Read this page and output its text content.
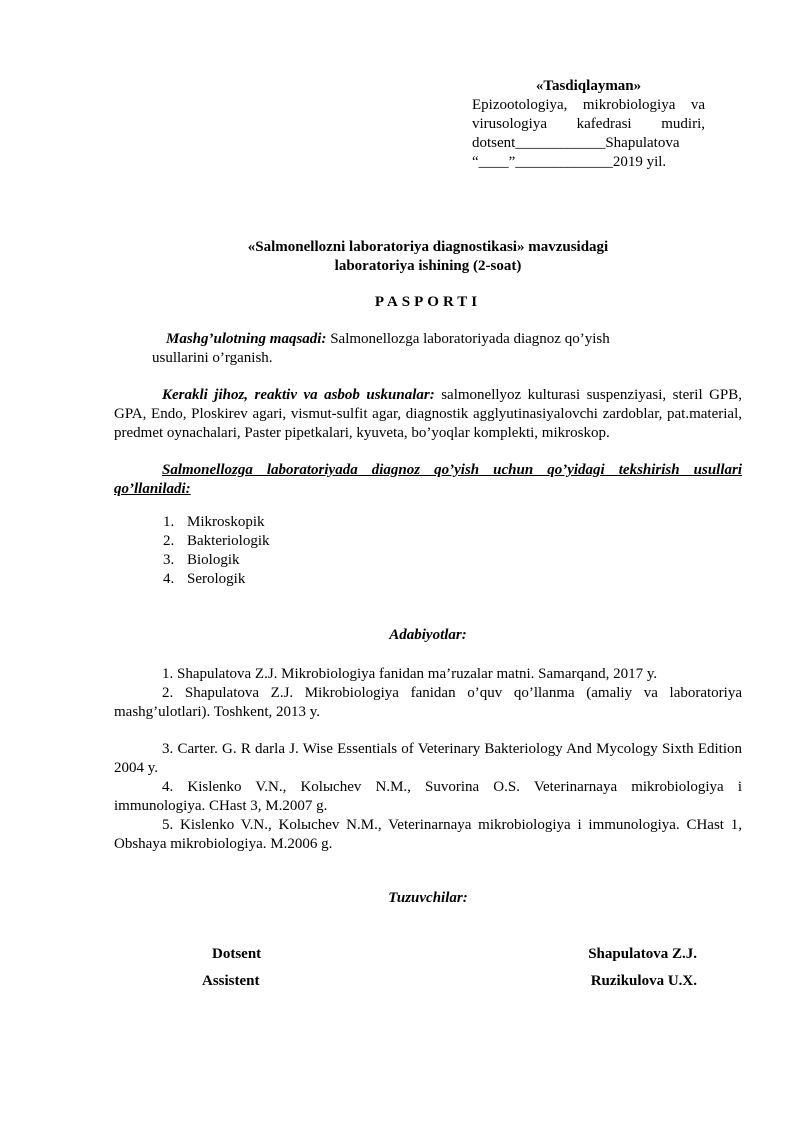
«Tasdiqlayman»
Epizootologiya, mikrobiologiya va
virusologiya kafedrasi mudiri,
dotsent____________Shapulatova
“____”_____________2019 yil.
«Salmonellozni laboratoriya diagnostikasi» mavzusidagi
laboratoriya ishining (2-soat)
PASPORTI
Mashg’ulotning maqsadi: Salmonellozga laboratoriyada diagnoz qo’yish
usullarini o’rganish.
Kerakli jihoz, reaktiv va asbob uskunalar: salmonellyoz kulturasi suspenziyasi, steril GPB, GPA, Endo, Ploskirev agari, vismut-sulfit agar, diagnostik agglyutinasiyalovchi zardoblar, pat.material, predmet oynachalari, Paster pipetkalari, kyuveta, bo’yoqlar komplekti, mikroskop.
Salmonellozga laboratoriyada diagnoz qo’yish uchun qo’yidagi tekshirish usullari qo’llaniladi:
1. Mikroskopik
2. Bakteriologik
3. Biologik
4. Serologik
Adabiyotlar:
1. Shapulatova Z.J. Mikrobiologiya fanidan ma’ruzalar matni. Samarqand, 2017 y.
2. Shapulatova Z.J. Mikrobiologiya fanidan o’quv qo’llanma (amaliy va laboratoriya mashg’ulotlari). Toshkent, 2013 y.
3. Carter. G. R darla J. Wise Essentials of Veterinary Bakteriology And Mycology Sixth Edition 2004 y.
4. Kislenko V.N., Kolыchev N.M., Suvorina O.S. Veterinarnaya mikrobiologiya i immunologiya. CHast 3, M.2007 g.
5. Kislenko V.N., Kolыchev N.M., Veterinarnaya mikrobiologiya i immunologiya. CHast 1, Obshaya mikrobiologiya. M.2006 g.
Tuzuvchilar:
Dotsent	Shapulatova Z.J.
Assistent	Ruzikulova U.X.
